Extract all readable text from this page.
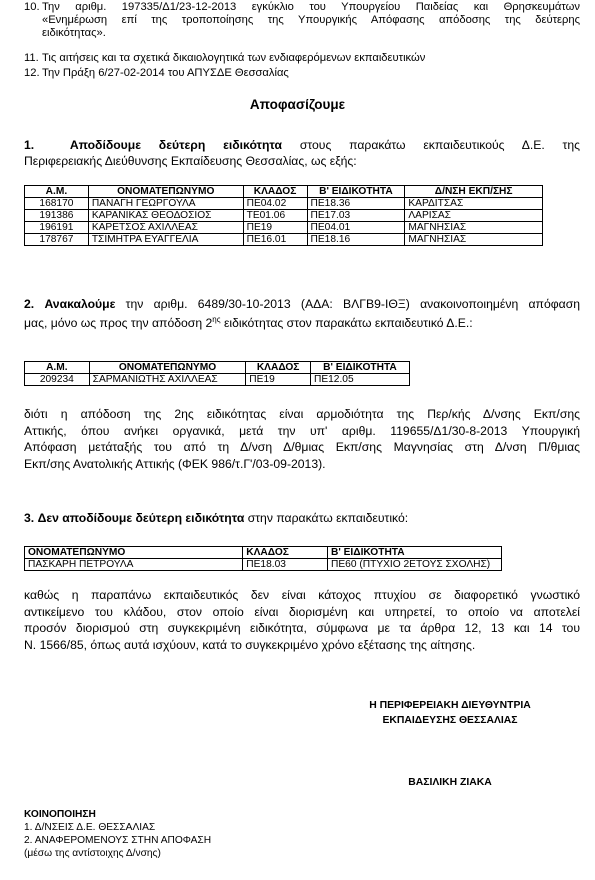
10. Την αριθμ. 197335/Δ1/23-12-2013 εγκύκλιο του Υπουργείου Παιδείας και Θρησκευμάτων
«Ενημέρωση επί της τροποποίησης της Υπουργικής Απόφασης απόδοσης της δεύτερης
ειδικότητας».
11. Τις αιτήσεις και τα σχετικά δικαιολογητικά των ενδιαφερόμενων εκπαιδευτικών
12. Την Πράξη 6/27-02-2014 του ΑΠΥΣΔΕ Θεσσαλίας
Αποφασίζουμε
1.	Αποδίδουμε δεύτερη ειδικότητα στους παρακάτω εκπαιδευτικούς Δ.Ε. της
Περιφερειακής Διεύθυνσης Εκπαίδευσης Θεσσαλίας, ως εξής:
Α.Μ.	ΟΝΟΜΑΤΕΠΩΝΥΜΟ	ΚΛΑΔΟΣ	Β' ΕΙΔΙΚΟΤΗΤΑ	Δ/ΝΣΗ ΕΚΠ/ΣΗΣ
168170	ΠΑΝΑΓΗ ΓΕΩΡΓΟΥΛΑ	ΠΕ04.02	ΠΕ18.36	ΚΑΡΔΙΤΣΑΣ
191386	ΚΑΡΑΝΙΚΑΣ ΘΕΟΔΟΣΙΟΣ	ΤΕ01.06	ΠΕ17.03	ΛΑΡΙΣΑΣ
196191	ΚΑΡΕΤΣΟΣ ΑΧΙΛΛΕΑΣ	ΠΕ19	ΠΕ04.01	ΜΑΓΝΗΣΙΑΣ
178767	ΤΣΙΜΗΤΡΑ ΕΥΑΓΓΕΛΙΑ	ΠΕ16.01	ΠΕ18.16	ΜΑΓΝΗΣΙΑΣ
2. Ανακαλούμε την αριθμ. 6489/30-10-2013 (ΑΔΑ: ΒΛΓΒ9-ΙΘΞ) ανακοινοποιημένη απόφαση
μας, μόνο ως προς την απόδοση $2^{\eta\varsigma}$ ειδικότητας στον παρακάτω εκπαιδευτικό Δ.Ε.:
Α.Μ.	ΟΝΟΜΑΤΕΠΩΝΥΜΟ	ΚΛΑΔΟΣ	Β' ΕΙΔΙΚΟΤΗΤΑ
209234	ΣΑΡΜΑΝΙΩΤΗΣ ΑΧΙΛΛΕΑΣ	ΠΕ19	ΠΕ12.05
διότι η απόδοση της 2ης ειδικότητας είναι αρμοδιότητα της Περ/κής Δ/νσης Εκπ/σης
Αττικής, όπου ανήκει οργανικά, μετά την υπ' αριθμ. 119655/Δ1/30-8-2013 Υπουργική
Απόφαση μετάταξής του από τη Δ/νση Δ/θμιας Εκπ/σης Μαγνησίας στη Δ/νση Π/θμιας
Εκπ/σης Ανατολικής Αττικής (ΦΕΚ 986/τ.Γ'/03-09-2013).
3. Δεν αποδίδουμε δεύτερη ειδικότητα στην παρακάτω εκπαιδευτικό:
ΟΝΟΜΑΤΕΠΩΝΥΜΟ	ΚΛΑΔΟΣ	Β' ΕΙΔΙΚΟΤΗΤΑ
ΠΑΣΚΑΡΗ ΠΕΤΡΟΥΛΑ	ΠΕ18.03	ΠΕ60 (ΠΤΥΧΙΟ 2ΕΤΟΥΣ ΣΧΟΛΗΣ)
καθώς η παραπάνω εκπαιδευτικός δεν είναι κάτοχος πτυχίου σε διαφορετικό γνωστικό
αντικείμενο του κλάδου, στον οποίο είναι διορισμένη και υπηρετεί, το οποίο να αποτελεί
προσόν διορισμού στη συγκεκριμένη ειδικότητα, σύμφωνα με τα άρθρα 12, 13 και 14 του
Ν. 1566/85, όπως αυτά ισχύουν, κατά το συγκεκριμένο χρόνο εξέτασης της αίτησης.
Η ΠΕΡΙΦΕΡΕΙΑΚΗ ΔΙΕΥΘΥΝΤΡΙΑ
ΕΚΠΑΙΔΕΥΣΗΣ ΘΕΣΣΑΛΙΑΣ
ΒΑΣΙΛΙΚΗ ΖΙΑΚΑ
ΚΟΙΝΟΠΟΙΗΣΗ
1. Δ/ΝΣΕΙΣ Δ.Ε. ΘΕΣΣΑΛΙΑΣ
2. ΑΝΑΦΕΡΟΜΕΝΟΥΣ ΣΤΗΝ ΑΠΟΦΑΣΗ
(μέσω της αντίστοιχης Δ/νσης)
